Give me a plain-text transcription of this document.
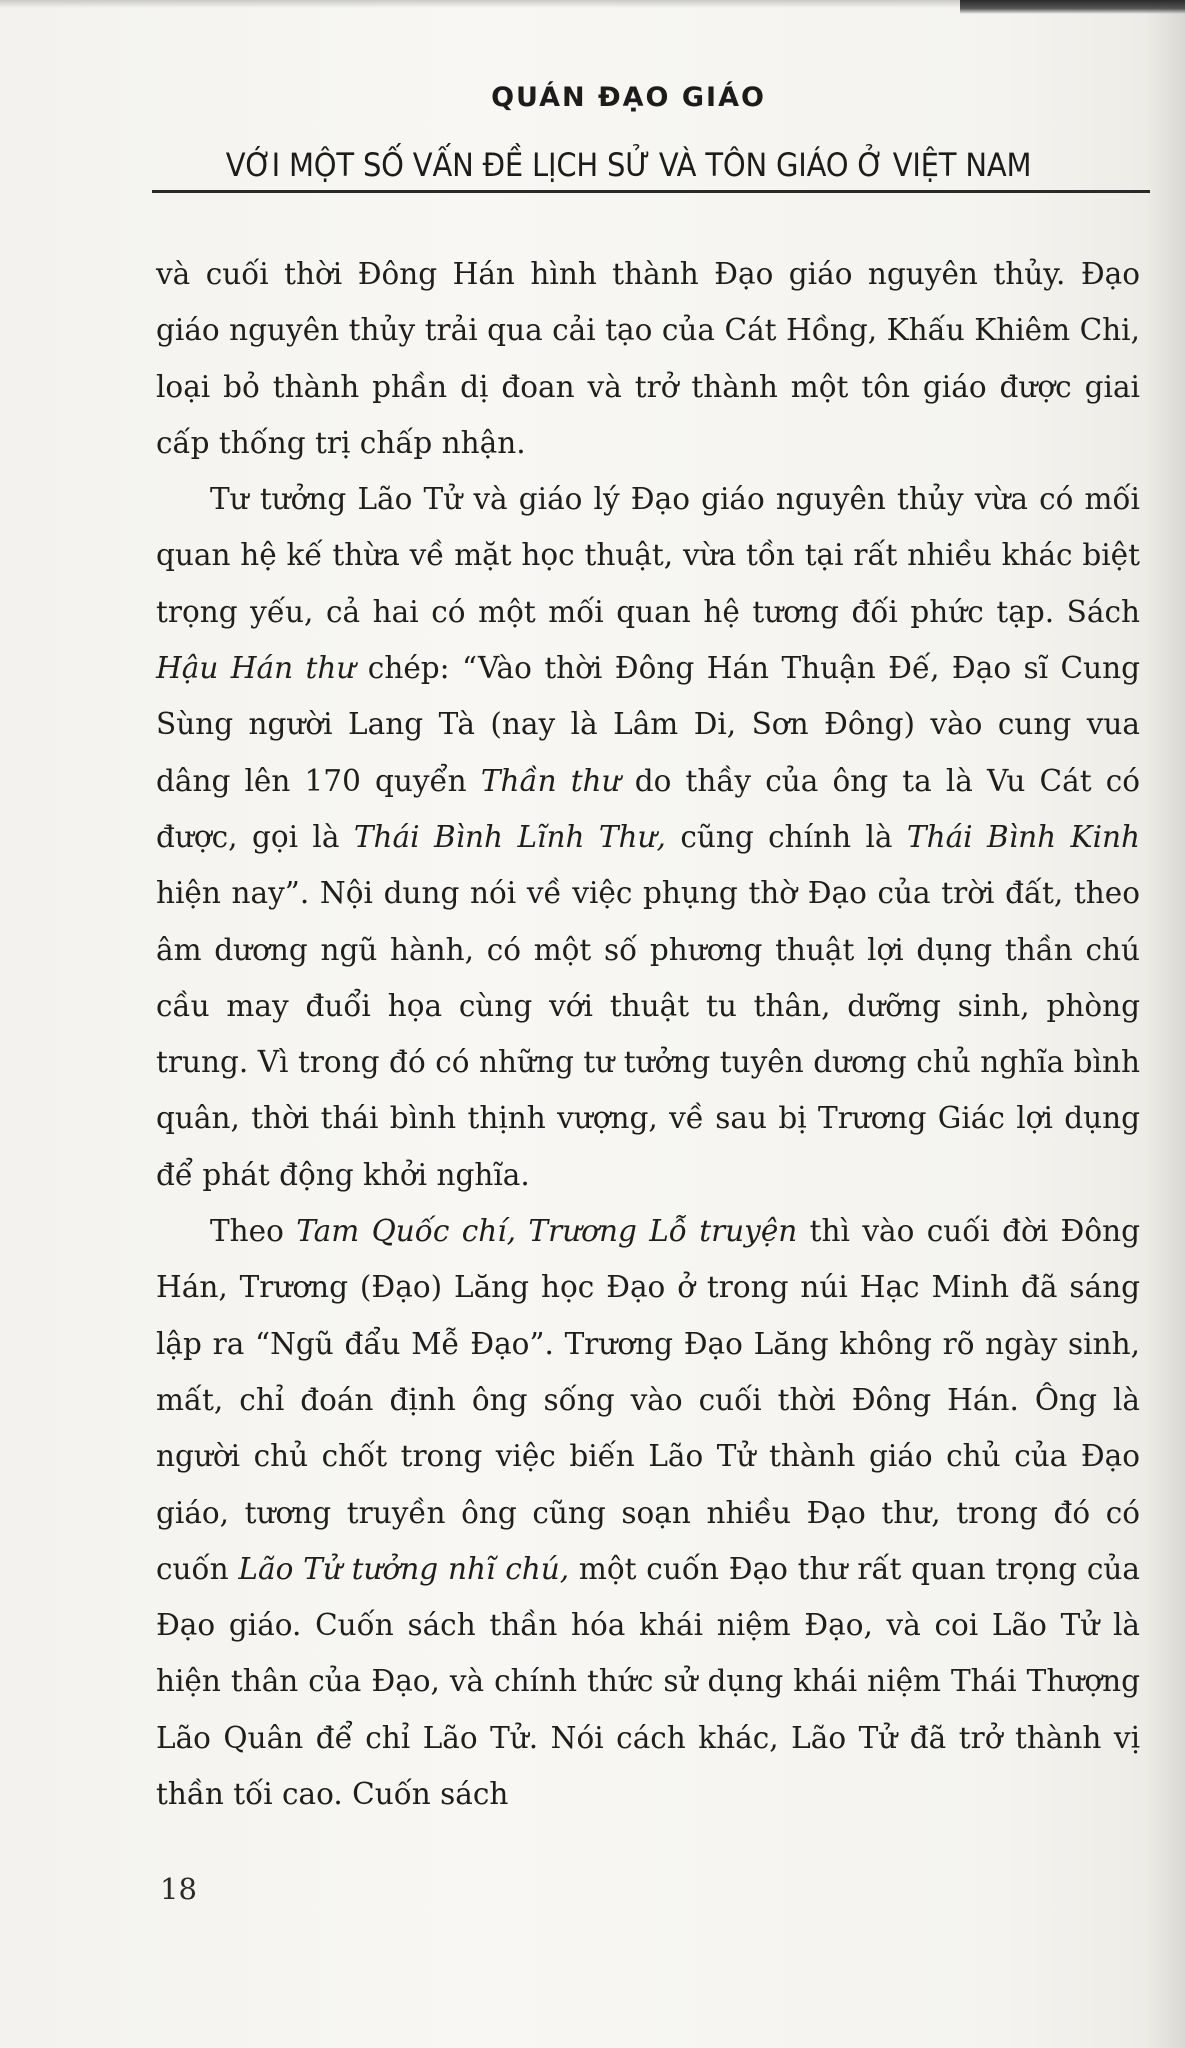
QUÁN ĐẠO GIÁO
VỚI MỘT SỐ VẤN ĐỀ LỊCH SỬ VÀ TÔN GIÁO Ở VIỆT NAM

và cuối thời Đông Hán hình thành Đạo giáo nguyên thủy. Đạo giáo nguyên thủy trải qua cải tạo của Cát Hồng, Khấu Khiêm Chi, loại bỏ thành phần dị đoan và trở thành một tôn giáo được giai cấp thống trị chấp nhận.

Tư tưởng Lão Tử và giáo lý Đạo giáo nguyên thủy vừa có mối quan hệ kế thừa về mặt học thuật, vừa tồn tại rất nhiều khác biệt trọng yếu, cả hai có một mối quan hệ tương đối phức tạp. Sách Hậu Hán thư chép: “Vào thời Đông Hán Thuận Đế, Đạo sĩ Cung Sùng người Lang Tà (nay là Lâm Di, Sơn Đông) vào cung vua dâng lên 170 quyển Thần thư do thầy của ông ta là Vu Cát có được, gọi là Thái Bình Lĩnh Thư, cũng chính là Thái Bình Kinh hiện nay”. Nội dung nói về việc phụng thờ Đạo của trời đất, theo âm dương ngũ hành, có một số phương thuật lợi dụng thần chú cầu may đuổi họa cùng với thuật tu thân, dưỡng sinh, phòng trung. Vì trong đó có những tư tưởng tuyên dương chủ nghĩa bình quân, thời thái bình thịnh vượng, về sau bị Trương Giác lợi dụng để phát động khởi nghĩa.

Theo Tam Quốc chí, Trương Lỗ truyện thì vào cuối đời Đông Hán, Trương (Đạo) Lăng học Đạo ở trong núi Hạc Minh đã sáng lập ra “Ngũ đẩu Mễ Đạo”. Trương Đạo Lăng không rõ ngày sinh, mất, chỉ đoán định ông sống vào cuối thời Đông Hán. Ông là người chủ chốt trong việc biến Lão Tử thành giáo chủ của Đạo giáo, tương truyền ông cũng soạn nhiều Đạo thư, trong đó có cuốn Lão Tử tưởng nhĩ chú, một cuốn Đạo thư rất quan trọng của Đạo giáo. Cuốn sách thần hóa khái niệm Đạo, và coi Lão Tử là hiện thân của Đạo, và chính thức sử dụng khái niệm Thái Thượng Lão Quân để chỉ Lão Tử. Nói cách khác, Lão Tử đã trở thành vị thần tối cao. Cuốn sách

18
